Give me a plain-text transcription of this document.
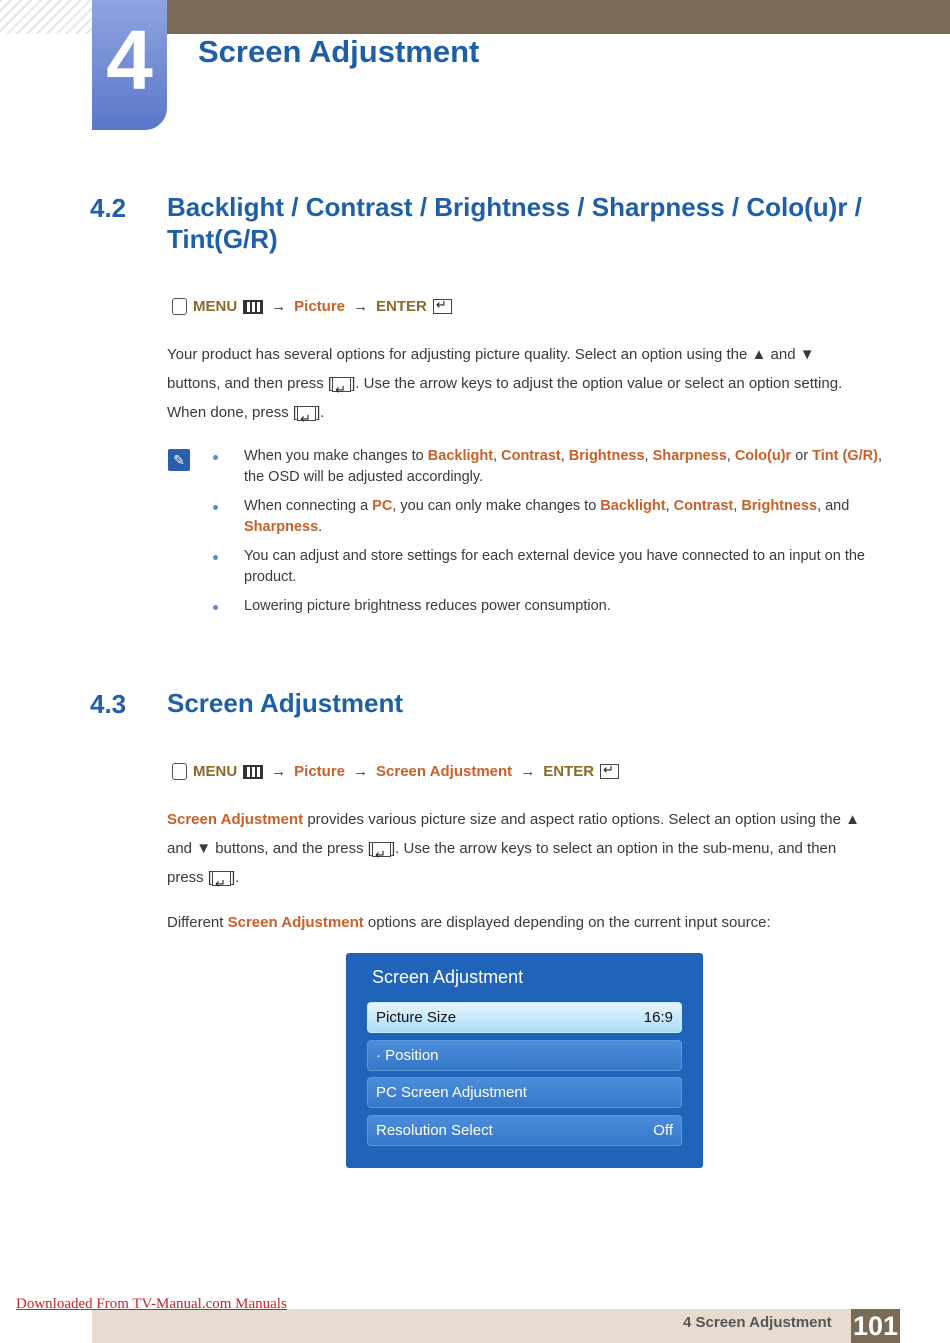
4	Screen Adjustment
4.2 Backlight / Contrast / Brightness / Sharpness / Colo(u)r / Tint(G/R)
MENU → Picture → ENTER
↵
Your product has several options for adjusting picture quality. Select an option using the ▲ and ▼
buttons, and then press [ ↵ ]. Use the arrow keys to adjust the option value or select an option setting.
When done, press [ ↵ ].
✎	When you make changes to Backlight, Contrast, Brightness, Sharpness, Colo(u)r or Tint (G/R), the OSD will be adjusted accordingly.
When connecting a PC, you can only make changes to Backlight, Contrast, Brightness, and Sharpness.
You can adjust and store settings for each external device you have connected to an input on the product.
Lowering picture brightness reduces power consumption.
4.3 Screen Adjustment
MENU → Picture → Screen Adjustment → ENTER
↵
Screen Adjustment provides various picture size and aspect ratio options. Select an option using the ▲
and ▼ buttons, and the press [ ↵ ]. Use the arrow keys to select an option in the sub-menu, and then
press [ ↵ ].
Different Screen Adjustment options are displayed depending on the current input source:
Screen Adjustment
Picture Size	16:9
· Position
PC Screen Adjustment
Resolution Select	Off
Downloaded From TV-Manual.com Manuals
4 Screen Adjustment 101
